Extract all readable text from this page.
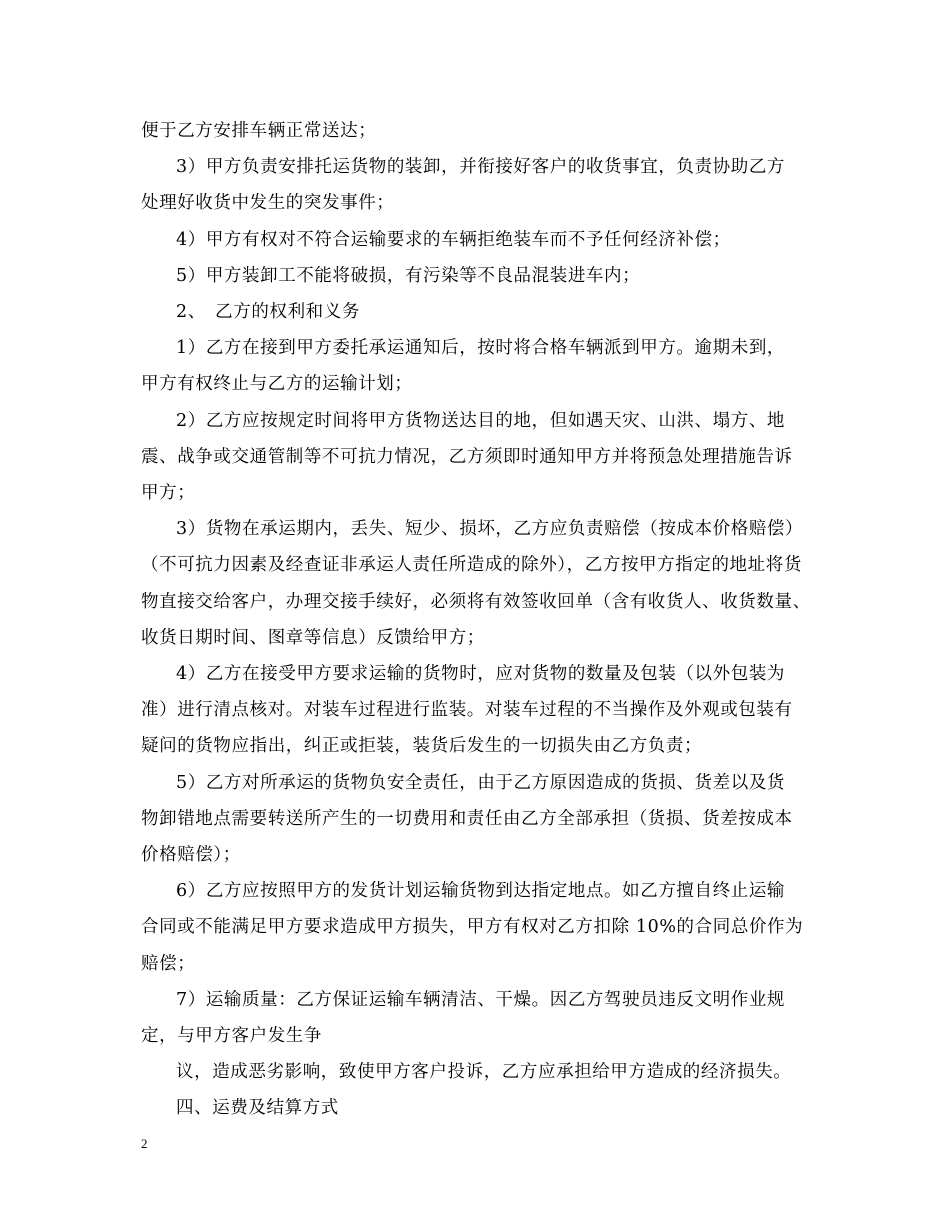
便于乙方安排车辆正常送达；

3）甲方负责安排托运货物的装卸，并衔接好客户的收货事宜，负责协助乙方

处理好收货中发生的突发事件；

4）甲方有权对不符合运输要求的车辆拒绝装车而不予任何经济补偿；

5）甲方装卸工不能将破损，有污染等不良品混装进车内；

2、　乙方的权利和义务

1）乙方在接到甲方委托承运通知后，按时将合格车辆派到甲方。逾期未到，

甲方有权终止与乙方的运输计划；

2）乙方应按规定时间将甲方货物送达目的地，但如遇天灾、山洪、塌方、地

震、战争或交通管制等不可抗力情况，乙方须即时通知甲方并将预急处理措施告诉

甲方；

3）货物在承运期内，丢失、短少、损坏，乙方应负责赔偿（按成本价格赔偿）

（不可抗力因素及经查证非承运人责任所造成的除外），乙方按甲方指定的地址将货

物直接交给客户，办理交接手续好，必须将有效签收回单（含有收货人、收货数量、

收货日期时间、图章等信息）反馈给甲方；

4）乙方在接受甲方要求运输的货物时，应对货物的数量及包装（以外包装为

准）进行清点核对。对装车过程进行监装。对装车过程的不当操作及外观或包装有

疑问的货物应指出，纠正或拒装，装货后发生的一切损失由乙方负责；

5）乙方对所承运的货物负安全责任，由于乙方原因造成的货损、货差以及货

物卸错地点需要转送所产生的一切费用和责任由乙方全部承担（货损、货差按成本

价格赔偿）；

6）乙方应按照甲方的发货计划运输货物到达指定地点。如乙方擅自终止运输

合同或不能满足甲方要求造成甲方损失，甲方有权对乙方扣除 10%的合同总价作为

赔偿；

7）运输质量：乙方保证运输车辆清洁、干燥。因乙方驾驶员违反文明作业规

定，与甲方客户发生争

议，造成恶劣影响，致使甲方客户投诉，乙方应承担给甲方造成的经济损失。

四、运费及结算方式

2
